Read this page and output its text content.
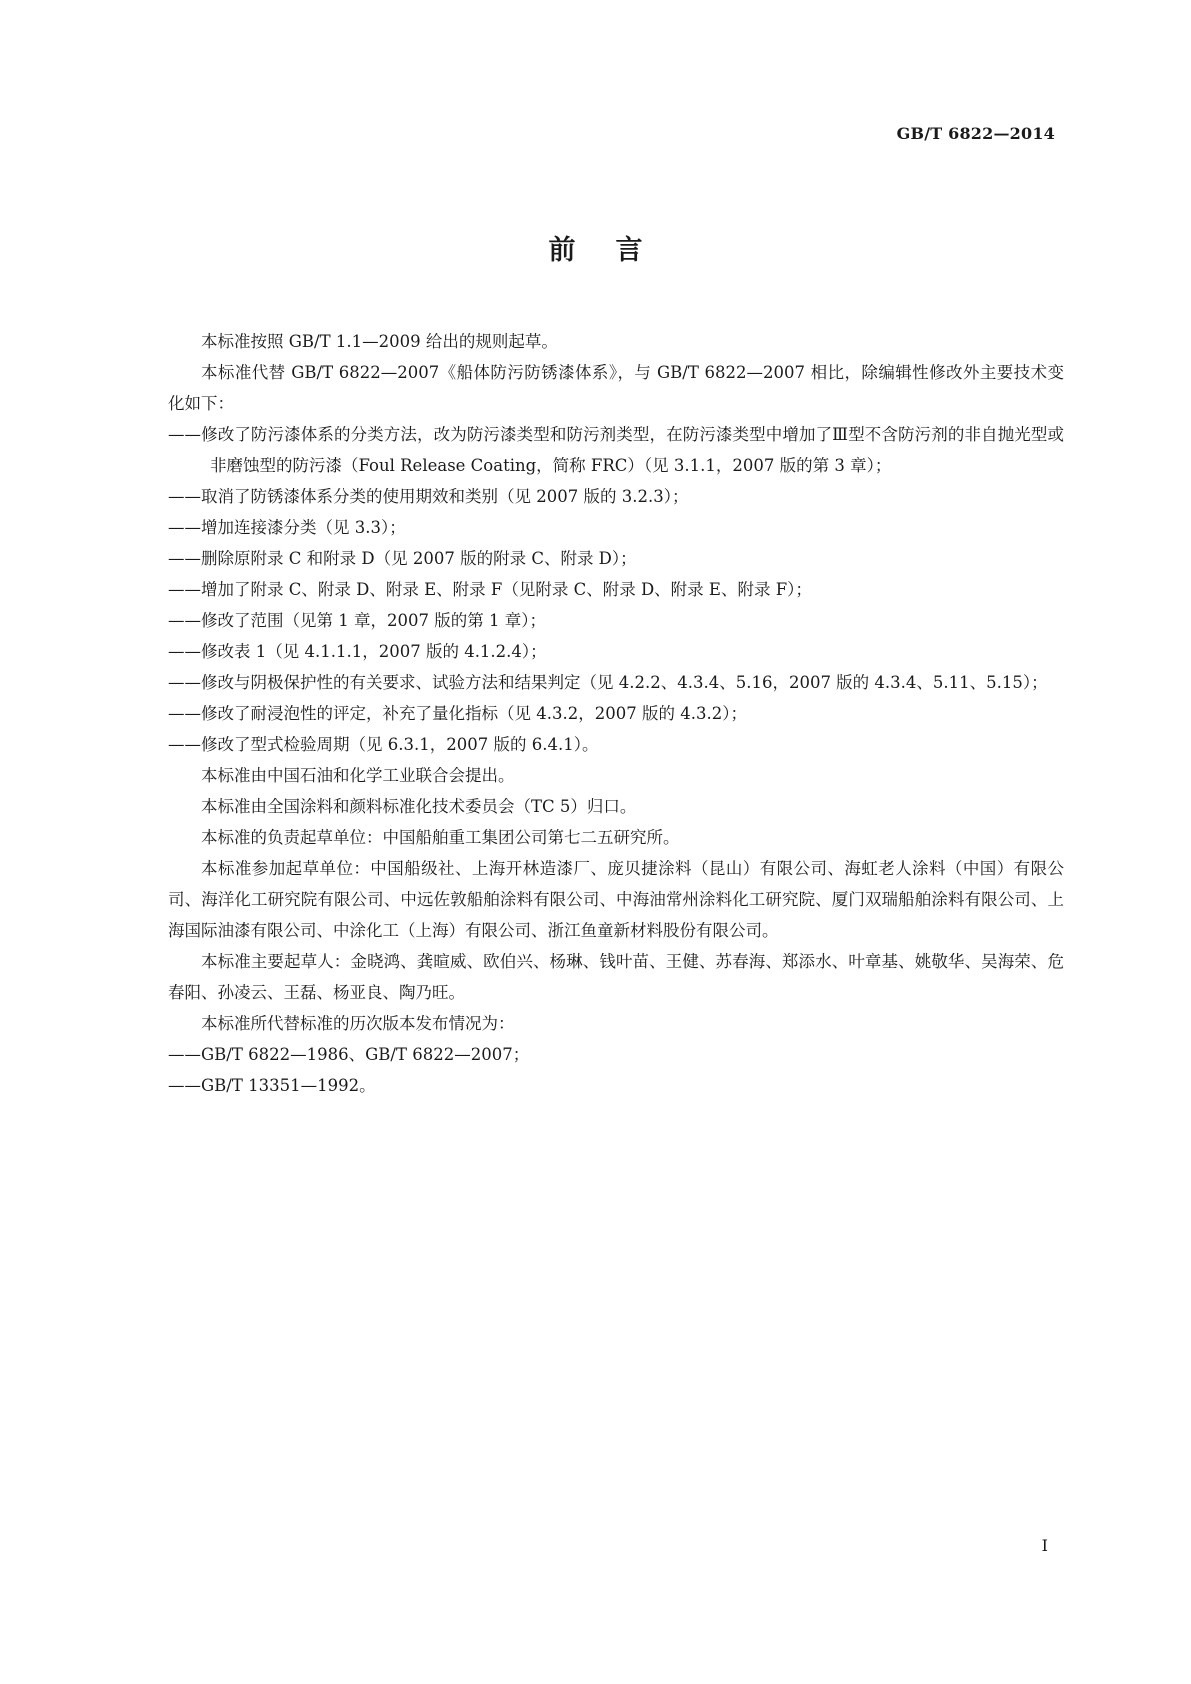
GB/T 6822—2014
前言

本标准按照 GB/T 1.1—2009 给出的规则起草。

本标准代替 GB/T 6822—2007《船体防污防锈漆体系》，与 GB/T 6822—2007 相比，除编辑性修改外主要技术变化如下：

——修改了防污漆体系的分类方法，改为防污漆类型和防污剂类型，在防污漆类型中增加了Ⅲ型不含防污剂的非自抛光型或非磨蚀型的防污漆（Foul Release Coating，简称 FRC）（见 3.1.1，2007 版的第 3 章）；

——取消了防锈漆体系分类的使用期效和类别（见 2007 版的 3.2.3）；

——增加连接漆分类（见 3.3）；

——删除原附录 C 和附录 D（见 2007 版的附录 C、附录 D）；

——增加了附录 C、附录 D、附录 E、附录 F（见附录 C、附录 D、附录 E、附录 F）；

——修改了范围（见第 1 章，2007 版的第 1 章）；

——修改表 1（见 4.1.1.1，2007 版的 4.1.2.4）；

——修改与阴极保护性的有关要求、试验方法和结果判定（见 4.2.2、4.3.4、5.16，2007 版的 4.3.4、5.11、5.15）；

——修改了耐浸泡性的评定，补充了量化指标（见 4.3.2，2007 版的 4.3.2）；

——修改了型式检验周期（见 6.3.1，2007 版的 6.4.1）。

本标准由中国石油和化学工业联合会提出。

本标准由全国涂料和颜料标准化技术委员会（TC 5）归口。

本标准的负责起草单位：中国船舶重工集团公司第七二五研究所。

本标准参加起草单位：中国船级社、上海开林造漆厂、庞贝捷涂料（昆山）有限公司、海虹老人涂料（中国）有限公司、海洋化工研究院有限公司、中远佐敦船舶涂料有限公司、中海油常州涂料化工研究院、厦门双瑞船舶涂料有限公司、上海国际油漆有限公司、中涂化工（上海）有限公司、浙江鱼童新材料股份有限公司。

本标准主要起草人：金晓鸿、龚暄威、欧伯兴、杨琳、钱叶苗、王健、苏春海、郑添水、叶章基、姚敬华、吴海荣、危春阳、孙凌云、王磊、杨亚良、陶乃旺。

本标准所代替标准的历次版本发布情况为：

——GB/T 6822—1986、GB/T 6822—2007；

——GB/T 13351—1992。

I
